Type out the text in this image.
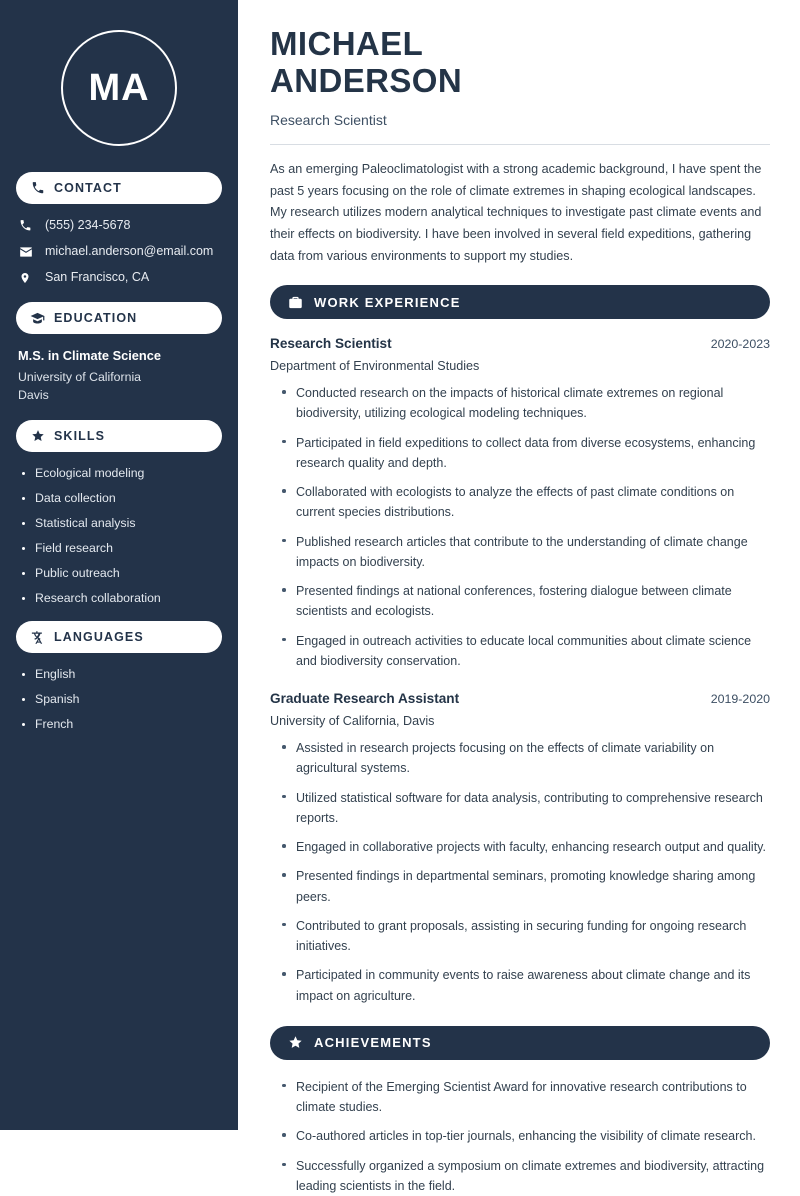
MA
CONTACT
(555) 234-5678
michael.anderson@email.com
San Francisco, CA
EDUCATION
M.S. in Climate Science
University of California
Davis
SKILLS
Ecological modeling
Data collection
Statistical analysis
Field research
Public outreach
Research collaboration
LANGUAGES
English
Spanish
French
MICHAEL
ANDERSON
Research Scientist

As an emerging Paleoclimatologist with a strong academic background, I have spent the past 5 years focusing on the role of climate extremes in shaping ecological landscapes. My research utilizes modern analytical techniques to investigate past climate events and their effects on biodiversity. I have been involved in several field expeditions, gathering data from various environments to support my studies.

WORK EXPERIENCE
Research Scientist	2020-2023
Department of Environmental Studies
Conducted research on the impacts of historical climate extremes on regional biodiversity, utilizing ecological modeling techniques.
Participated in field expeditions to collect data from diverse ecosystems, enhancing research quality and depth.
Collaborated with ecologists to analyze the effects of past climate conditions on current species distributions.
Published research articles that contribute to the understanding of climate change impacts on biodiversity.
Presented findings at national conferences, fostering dialogue between climate scientists and ecologists.
Engaged in outreach activities to educate local communities about climate science and biodiversity conservation.
Graduate Research Assistant	2019-2020
University of California, Davis
Assisted in research projects focusing on the effects of climate variability on agricultural systems.
Utilized statistical software for data analysis, contributing to comprehensive research reports.
Engaged in collaborative projects with faculty, enhancing research output and quality.
Presented findings in departmental seminars, promoting knowledge sharing among peers.
Contributed to grant proposals, assisting in securing funding for ongoing research initiatives.
Participated in community events to raise awareness about climate change and its impact on agriculture.
ACHIEVEMENTS
Recipient of the Emerging Scientist Award for innovative research contributions to climate studies.
Co-authored articles in top-tier journals, enhancing the visibility of climate research.
Successfully organized a symposium on climate extremes and biodiversity, attracting leading scientists in the field.
